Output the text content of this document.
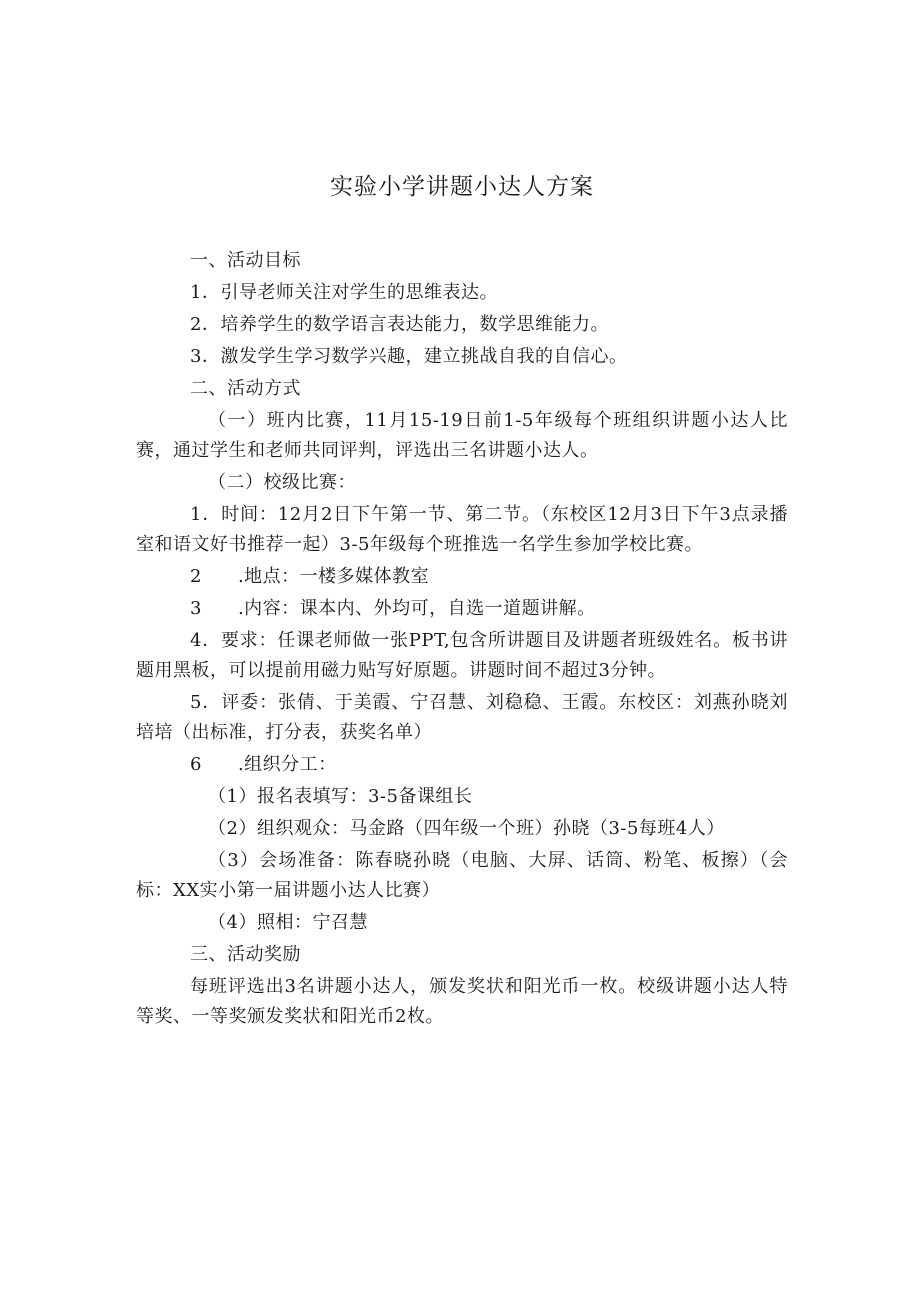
实验小学讲题小达人方案
一、活动目标
1．引导老师关注对学生的思维表达。
2．培养学生的数学语言表达能力，数学思维能力。
3．激发学生学习数学兴趣，建立挑战自我的自信心。
二、活动方式
（一）班内比赛，11月15-19日前1-5年级每个班组织讲题小达人比赛，通过学生和老师共同评判，评选出三名讲题小达人。
（二）校级比赛：
1．时间：12月2日下午第一节、第二节。（东校区12月3日下午3点录播室和语文好书推荐一起）3-5年级每个班推选一名学生参加学校比赛。
2 .地点：一楼多媒体教室
3 .内容：课本内、外均可，自选一道题讲解。
4．要求：任课老师做一张PPT,包含所讲题目及讲题者班级姓名。板书讲题用黑板，可以提前用磁力贴写好原题。讲题时间不超过3分钟。
5．评委：张倩、于美霞、宁召慧、刘稳稳、王霞。东校区：刘燕孙晓刘培培（出标准，打分表，获奖名单）
6 .组织分工：
（1）报名表填写：3-5备课组长
（2）组织观众：马金路（四年级一个班）孙晓（3-5每班4人）
（3）会场准备：陈春晓孙晓（电脑、大屏、话筒、粉笔、板擦）（会标：XX实小第一届讲题小达人比赛）
（4）照相：宁召慧
三、活动奖励
每班评选出3名讲题小达人，颁发奖状和阳光币一枚。校级讲题小达人特等奖、一等奖颁发奖状和阳光币2枚。
